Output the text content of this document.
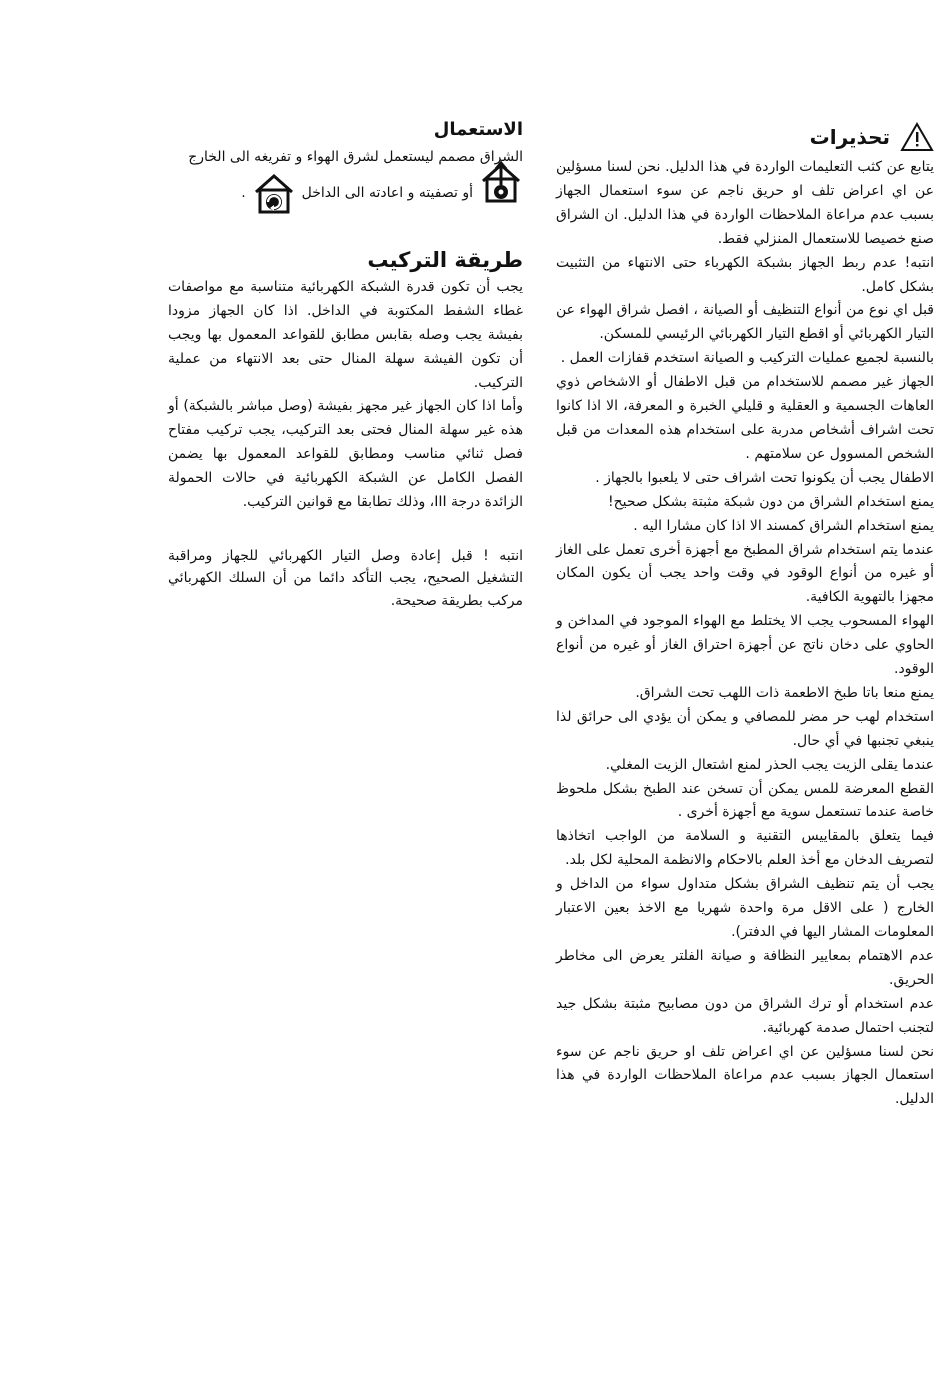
تحذيرات

يتابع عن كثب التعليمات الواردة في هذا الدليل. نحن لسنا مسؤلين عن اي اعراض تلف او حريق ناجم عن سوء استعمال الجهاز بسبب عدم مراعاة الملاحظات الواردة في هذا الدليل. ان الشراق صنع خصيصا للاستعمال المنزلي فقط.

انتبه! عدم ربط الجهاز بشبكة الكهرباء حتى الانتهاء من التثبيت بشكل كامل.

قبل اي نوع من أنواع التنظيف أو الصيانة ، افصل شراق الهواء عن التيار الكهربائي أو اقطع التيار الكهربائي الرئيسي للمسكن.

بالنسبة لجميع عمليات التركيب و الصيانة استخدم قفازات العمل .

الجهاز غير مصمم للاستخدام من قبل الاطفال أو الاشخاص ذوي العاهات الجسمية و العقلية و قليلي الخبرة و المعرفة، الا اذا كانوا تحت اشراف أشخاص مدربة على استخدام هذه المعدات من قبل الشخص المسوول عن سلامتهم .

الاطفال يجب أن يكونوا تحت اشراف حتى لا يلعبوا بالجهاز .

يمنع استخدام الشراق من دون شبكة مثبتة بشكل صحيح!

يمنع استخدام الشراق كمسند الا اذا كان مشارا اليه .

عندما يتم استخدام شراق المطبخ مع أجهزة أخرى تعمل على الغاز أو غيره من أنواع الوقود في وقت واحد يجب أن يكون المكان مجهزا بالتهوية الكافية.

الهواء المسحوب يجب الا يختلط مع الهواء الموجود في المداخن و الحاوي على دخان ناتج عن أجهزة احتراق الغاز أو غيره من أنواع الوقود.

يمنع منعا باتا طبخ الاطعمة ذات اللهب تحت الشراق.

استخدام لهب حر مضر للمصافي و يمكن أن يؤدي الى حرائق لذا ينبغي تجنبها في أي حال.

عندما يقلى الزيت يجب الحذر لمنع اشتعال الزيت المغلي.

القطع المعرضة للمس يمكن أن تسخن عند الطبخ بشكل ملحوظ خاصة عندما تستعمل سوية مع أجهزة أخرى .

فيما يتعلق بالمقاييس التقنية و السلامة من الواجب اتخاذها لتصريف الدخان مع أخذ العلم بالاحكام والانظمة المحلية لكل بلد.

يجب أن يتم تنظيف الشراق بشكل متداول سواء من الداخل و الخارج ( على الاقل مرة واحدة شهريا مع الاخذ بعين الاعتبار المعلومات المشار اليها في الدفتر).

عدم الاهتمام بمعايير النظافة و صيانة الفلتر يعرض الى مخاطر الحريق.

عدم استخدام أو ترك الشراق من دون مصابيح مثبتة بشكل جيد لتجنب احتمال صدمة كهربائية.

نحن لسنا مسؤلين عن اي اعراض تلف او حريق ناجم عن سوء استعمال الجهاز بسبب عدم مراعاة الملاحظات الواردة في هذا الدليل.

الاستعمال

الشراق مصمم ليستعمل لشرق الهواء و تفريغه الى الخارج

أو تصفيته و اعادته الى الداخل
.
طريقة التركيب

يجب أن تكون قدرة الشبكة الكهربائية متناسبة مع مواصفات غطاء الشفط المكتوبة في الداخل. اذا كان الجهاز مزودا بفيشة يجب وصله بقابس مطابق للقواعد المعمول بها ويجب أن تكون الفيشة سهلة المنال حتى بعد الانتهاء من عملية التركيب.

وأما اذا كان الجهاز غير مجهز بفيشة (وصل مباشر بالشبكة) أو هذه غير سهلة المنال فحتى بعد التركيب، يجب تركيب مفتاح فصل ثنائي مناسب ومطابق للقواعد المعمول بها يضمن الفصل الكامل عن الشبكة الكهربائية في حالات الحمولة الزائدة درجة III، وذلك تطابقا مع قوانين التركيب.

انتبه ! قبل إعادة وصل التيار الكهربائي للجهاز ومراقبة التشغيل الصحيح، يجب التأكد دائما من أن السلك الكهربائي مركب بطريقة صحيحة.
